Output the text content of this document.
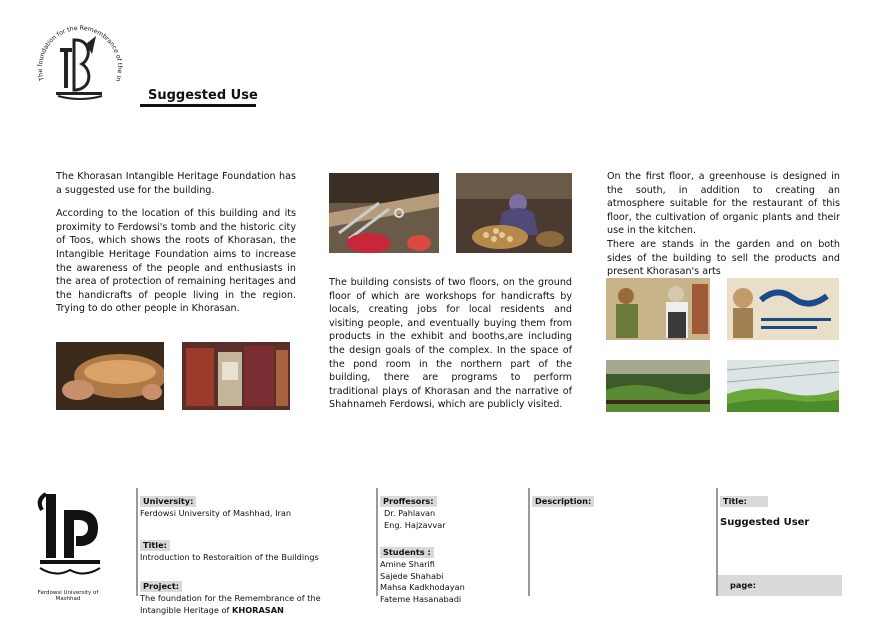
The foundation for the Remembrance of the In
Suggested Use

The Khorasan Intangible Heritage Foundation has a suggested use for the building.

According to the location of this building and its proximity to Ferdowsi's tomb and the historic city of Toos, which shows the roots of Khorasan, the Intangible Heritage Foundation aims to increase the awareness of the people and enthusiasts in the area of protection of remaining heritages and the handicrafts of people living in the region. Trying to do other people in Khorasan.

The building consists of two floors, on the ground floor of which are workshops for handicrafts by locals, creating jobs for local residents and visiting people, and eventually buying them from products in the exhibit and booths,are including the design goals of the complex. In the space of the pond room in the northern part of the building, there are programs to perform traditional plays of Khorasan and the narrative of Shahnameh Ferdowsi, which are publicly visited.

On the first floor, a greenhouse is designed in the south, in addition to creating an atmosphere suitable for the restaurant of this floor, the cultivation of organic plants and their use in the kitchen.

There are stands in the garden and on both sides of the building to sell the products and present Khorasan's arts

Ferdowsi University of Mashhad
University:
Ferdowsi University of Mashhad, Iran
Title:
Introduction to Restoraition of the Buildings
Project:
The foundation for the Remembrance of the
Intangible Heritage of KHORASAN
Proffesors:
Dr. Pahlavan
Eng. Hajzavvar
Students :
Amine Sharifi
Sajede Shahabi
Mahsa Kadkhodayan
Fateme Hasanabadi
Description:	Title:
Suggested User
page:
